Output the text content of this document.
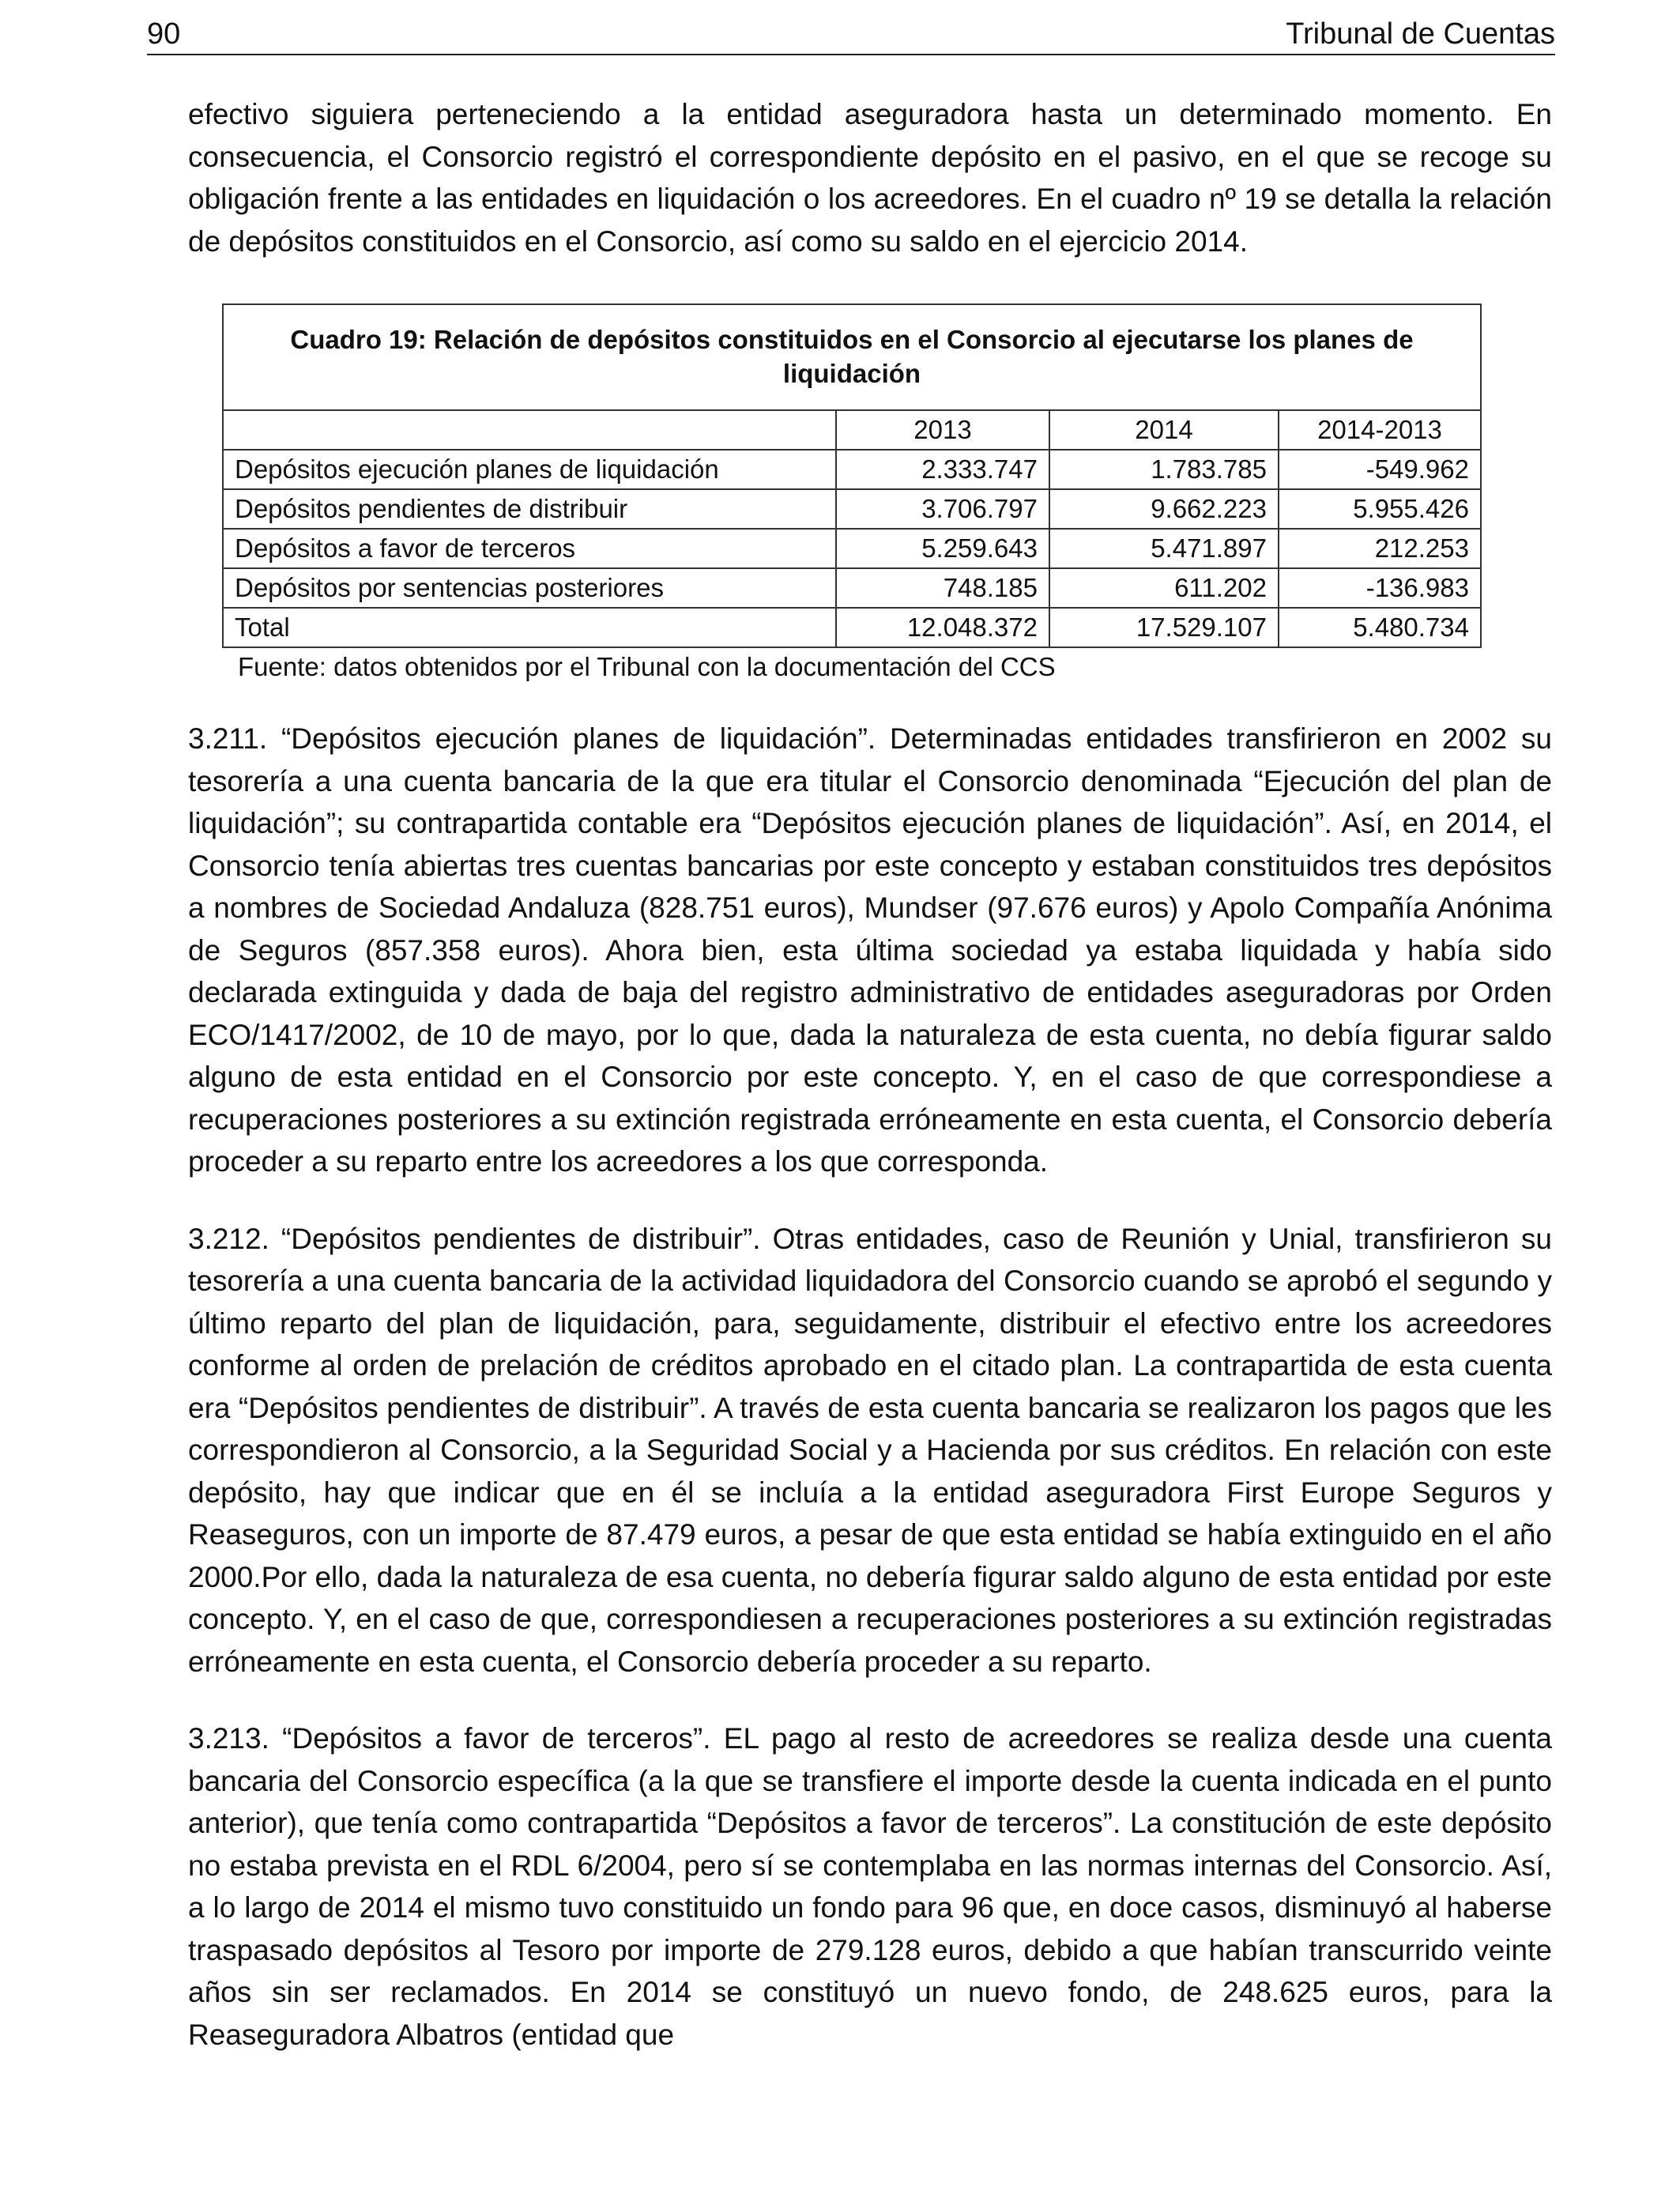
90	Tribunal de Cuentas

efectivo siguiera perteneciendo a la entidad aseguradora hasta un determinado momento. En consecuencia, el Consorcio registró el correspondiente depósito en el pasivo, en el que se recoge su obligación frente a las entidades en liquidación o los acreedores. En el cuadro nº 19 se detalla la relación de depósitos constituidos en el Consorcio, así como su saldo en el ejercicio 2014.

Cuadro 19: Relación de depósitos constituidos en el Consorcio al ejecutarse los planes de liquidación
	2013	2014	2014-2013
Depósitos ejecución planes de liquidación	2.333.747	1.783.785	-549.962
Depósitos pendientes de distribuir	3.706.797	9.662.223	5.955.426
Depósitos a favor de terceros	5.259.643	5.471.897	212.253
Depósitos por sentencias posteriores	748.185	611.202	-136.983
Total	12.048.372	17.529.107	5.480.734
Fuente: datos obtenidos por el Tribunal con la documentación del CCS

3.211. “Depósitos ejecución planes de liquidación”. Determinadas entidades transfirieron en 2002 su tesorería a una cuenta bancaria de la que era titular el Consorcio denominada “Ejecución del plan de liquidación”; su contrapartida contable era “Depósitos ejecución planes de liquidación”. Así, en 2014, el Consorcio tenía abiertas tres cuentas bancarias por este concepto y estaban constituidos tres depósitos a nombres de Sociedad Andaluza (828.751 euros), Mundser (97.676 euros) y Apolo Compañía Anónima de Seguros (857.358 euros). Ahora bien, esta última sociedad ya estaba liquidada y había sido declarada extinguida y dada de baja del registro administrativo de entidades aseguradoras por Orden ECO/1417/2002, de 10 de mayo, por lo que, dada la naturaleza de esta cuenta, no debía figurar saldo alguno de esta entidad en el Consorcio por este concepto. Y, en el caso de que correspondiese a recuperaciones posteriores a su extinción registrada erróneamente en esta cuenta, el Consorcio debería proceder a su reparto entre los acreedores a los que corresponda.

3.212. “Depósitos pendientes de distribuir”. Otras entidades, caso de Reunión y Unial, transfirieron su tesorería a una cuenta bancaria de la actividad liquidadora del Consorcio cuando se aprobó el segundo y último reparto del plan de liquidación, para, seguidamente, distribuir el efectivo entre los acreedores conforme al orden de prelación de créditos aprobado en el citado plan. La contrapartida de esta cuenta era “Depósitos pendientes de distribuir”. A través de esta cuenta bancaria se realizaron los pagos que les correspondieron al Consorcio, a la Seguridad Social y a Hacienda por sus créditos. En relación con este depósito, hay que indicar que en él se incluía a la entidad aseguradora First Europe Seguros y Reaseguros, con un importe de 87.479 euros, a pesar de que esta entidad se había extinguido en el año 2000.Por ello, dada la naturaleza de esa cuenta, no debería figurar saldo alguno de esta entidad por este concepto. Y, en el caso de que, correspondiesen a recuperaciones posteriores a su extinción registradas erróneamente en esta cuenta, el Consorcio debería proceder a su reparto.

3.213. “Depósitos a favor de terceros”. EL pago al resto de acreedores se realiza desde una cuenta bancaria del Consorcio específica (a la que se transfiere el importe desde la cuenta indicada en el punto anterior), que tenía como contrapartida “Depósitos a favor de terceros”. La constitución de este depósito no estaba prevista en el RDL 6/2004, pero sí se contemplaba en las normas internas del Consorcio. Así, a lo largo de 2014 el mismo tuvo constituido un fondo para 96 que, en doce casos, disminuyó al haberse traspasado depósitos al Tesoro por importe de 279.128 euros, debido a que habían transcurrido veinte años sin ser reclamados. En 2014 se constituyó un nuevo fondo, de 248.625 euros, para la Reaseguradora Albatros (entidad que
